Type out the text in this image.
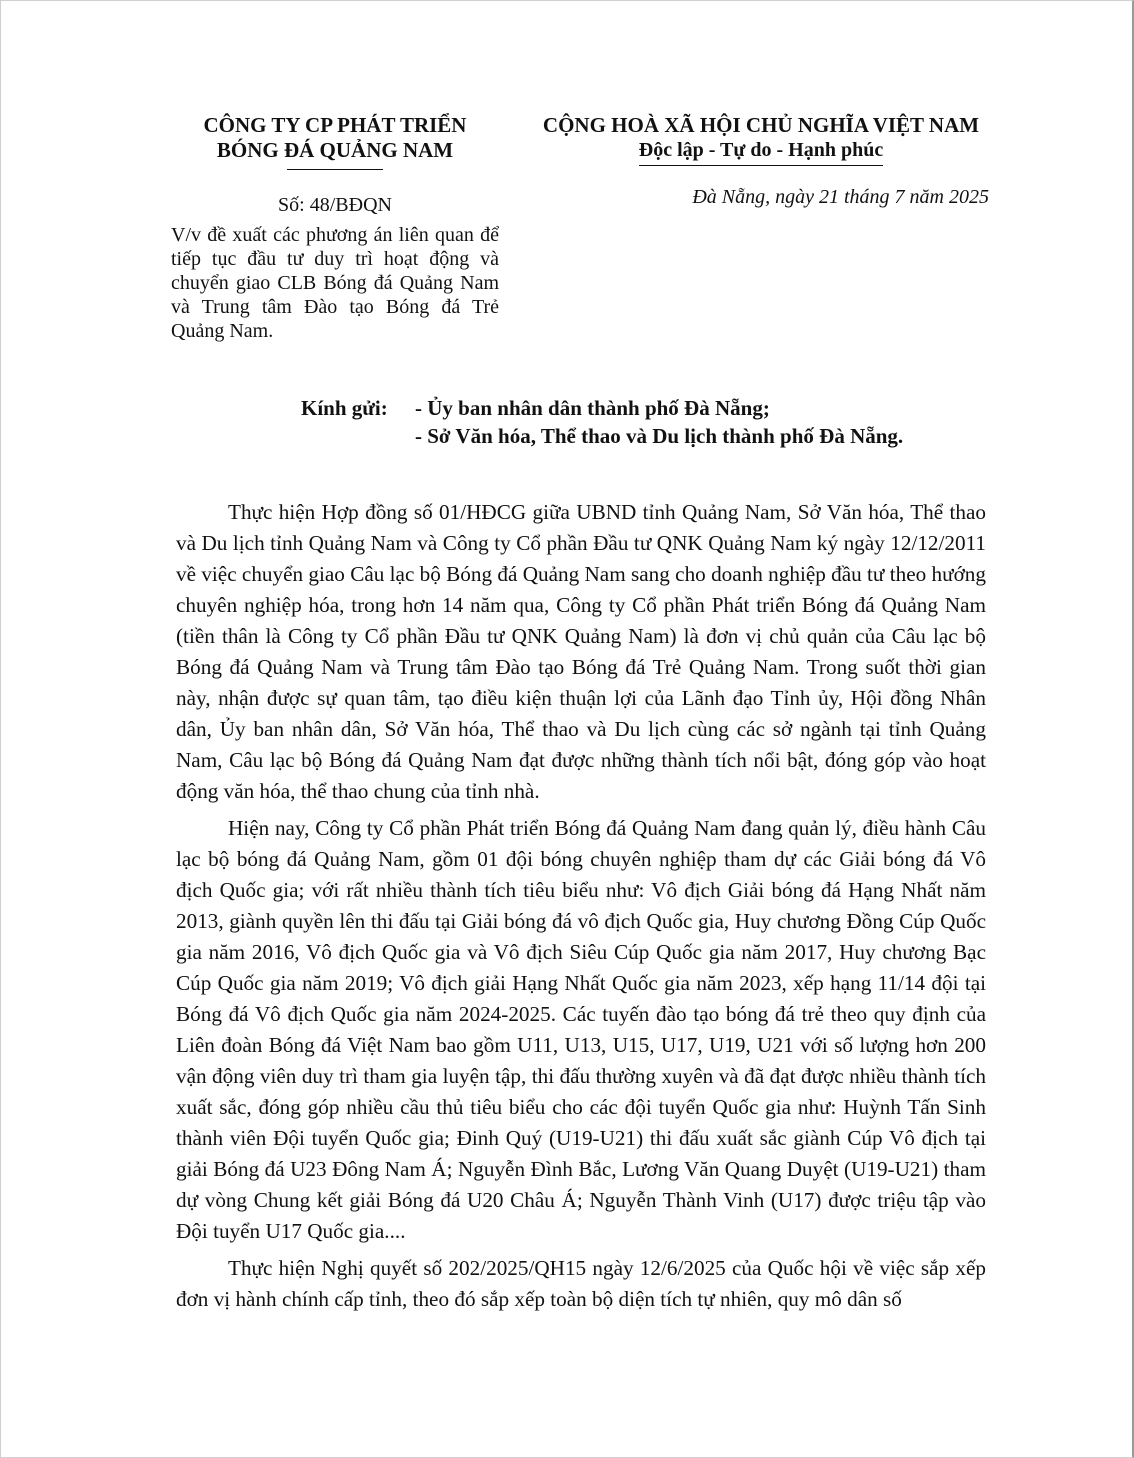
CÔNG TY CP PHÁT TRIỂN
BÓNG ĐÁ QUẢNG NAM
CỘNG HOÀ XÃ HỘI CHỦ NGHĨA VIỆT NAM
Độc lập - Tự do - Hạnh phúc
Số: 48/BĐQN	Đà Nẵng, ngày 21 tháng 7 năm 2025
V/v đề xuất các phương án liên quan để tiếp tục đầu tư duy trì hoạt động và chuyển giao CLB Bóng đá Quảng Nam và Trung tâm Đào tạo Bóng đá Trẻ Quảng Nam.
Kính gửi: - Ủy ban nhân dân thành phố Đà Nẵng;
- Sở Văn hóa, Thể thao và Du lịch thành phố Đà Nẵng.

Thực hiện Hợp đồng số 01/HĐCG giữa UBND tỉnh Quảng Nam, Sở Văn hóa, Thể thao và Du lịch tỉnh Quảng Nam và Công ty Cổ phần Đầu tư QNK Quảng Nam ký ngày 12/12/2011 về việc chuyển giao Câu lạc bộ Bóng đá Quảng Nam sang cho doanh nghiệp đầu tư theo hướng chuyên nghiệp hóa, trong hơn 14 năm qua, Công ty Cổ phần Phát triển Bóng đá Quảng Nam (tiền thân là Công ty Cổ phần Đầu tư QNK Quảng Nam) là đơn vị chủ quản của Câu lạc bộ Bóng đá Quảng Nam và Trung tâm Đào tạo Bóng đá Trẻ Quảng Nam. Trong suốt thời gian này, nhận được sự quan tâm, tạo điều kiện thuận lợi của Lãnh đạo Tỉnh ủy, Hội đồng Nhân dân, Ủy ban nhân dân, Sở Văn hóa, Thể thao và Du lịch cùng các sở ngành tại tỉnh Quảng Nam, Câu lạc bộ Bóng đá Quảng Nam đạt được những thành tích nổi bật, đóng góp vào hoạt động văn hóa, thể thao chung của tỉnh nhà.

Hiện nay, Công ty Cổ phần Phát triển Bóng đá Quảng Nam đang quản lý, điều hành Câu lạc bộ bóng đá Quảng Nam, gồm 01 đội bóng chuyên nghiệp tham dự các Giải bóng đá Vô địch Quốc gia; với rất nhiều thành tích tiêu biểu như: Vô địch Giải bóng đá Hạng Nhất năm 2013, giành quyền lên thi đấu tại Giải bóng đá vô địch Quốc gia, Huy chương Đồng Cúp Quốc gia năm 2016, Vô địch Quốc gia và Vô địch Siêu Cúp Quốc gia năm 2017, Huy chương Bạc Cúp Quốc gia năm 2019; Vô địch giải Hạng Nhất Quốc gia năm 2023, xếp hạng 11/14 đội tại Bóng đá Vô địch Quốc gia năm 2024-2025. Các tuyến đào tạo bóng đá trẻ theo quy định của Liên đoàn Bóng đá Việt Nam bao gồm U11, U13, U15, U17, U19, U21 với số lượng hơn 200 vận động viên duy trì tham gia luyện tập, thi đấu thường xuyên và đã đạt được nhiều thành tích xuất sắc, đóng góp nhiều cầu thủ tiêu biểu cho các đội tuyển Quốc gia như: Huỳnh Tấn Sinh thành viên Đội tuyển Quốc gia; Đinh Quý (U19-U21) thi đấu xuất sắc giành Cúp Vô địch tại giải Bóng đá U23 Đông Nam Á; Nguyễn Đình Bắc, Lương Văn Quang Duyệt (U19-U21) tham dự vòng Chung kết giải Bóng đá U20 Châu Á; Nguyễn Thành Vinh (U17) được triệu tập vào Đội tuyển U17 Quốc gia....

Thực hiện Nghị quyết số 202/2025/QH15 ngày 12/6/2025 của Quốc hội về việc sắp xếp đơn vị hành chính cấp tỉnh, theo đó sắp xếp toàn bộ diện tích tự nhiên, quy mô dân số
